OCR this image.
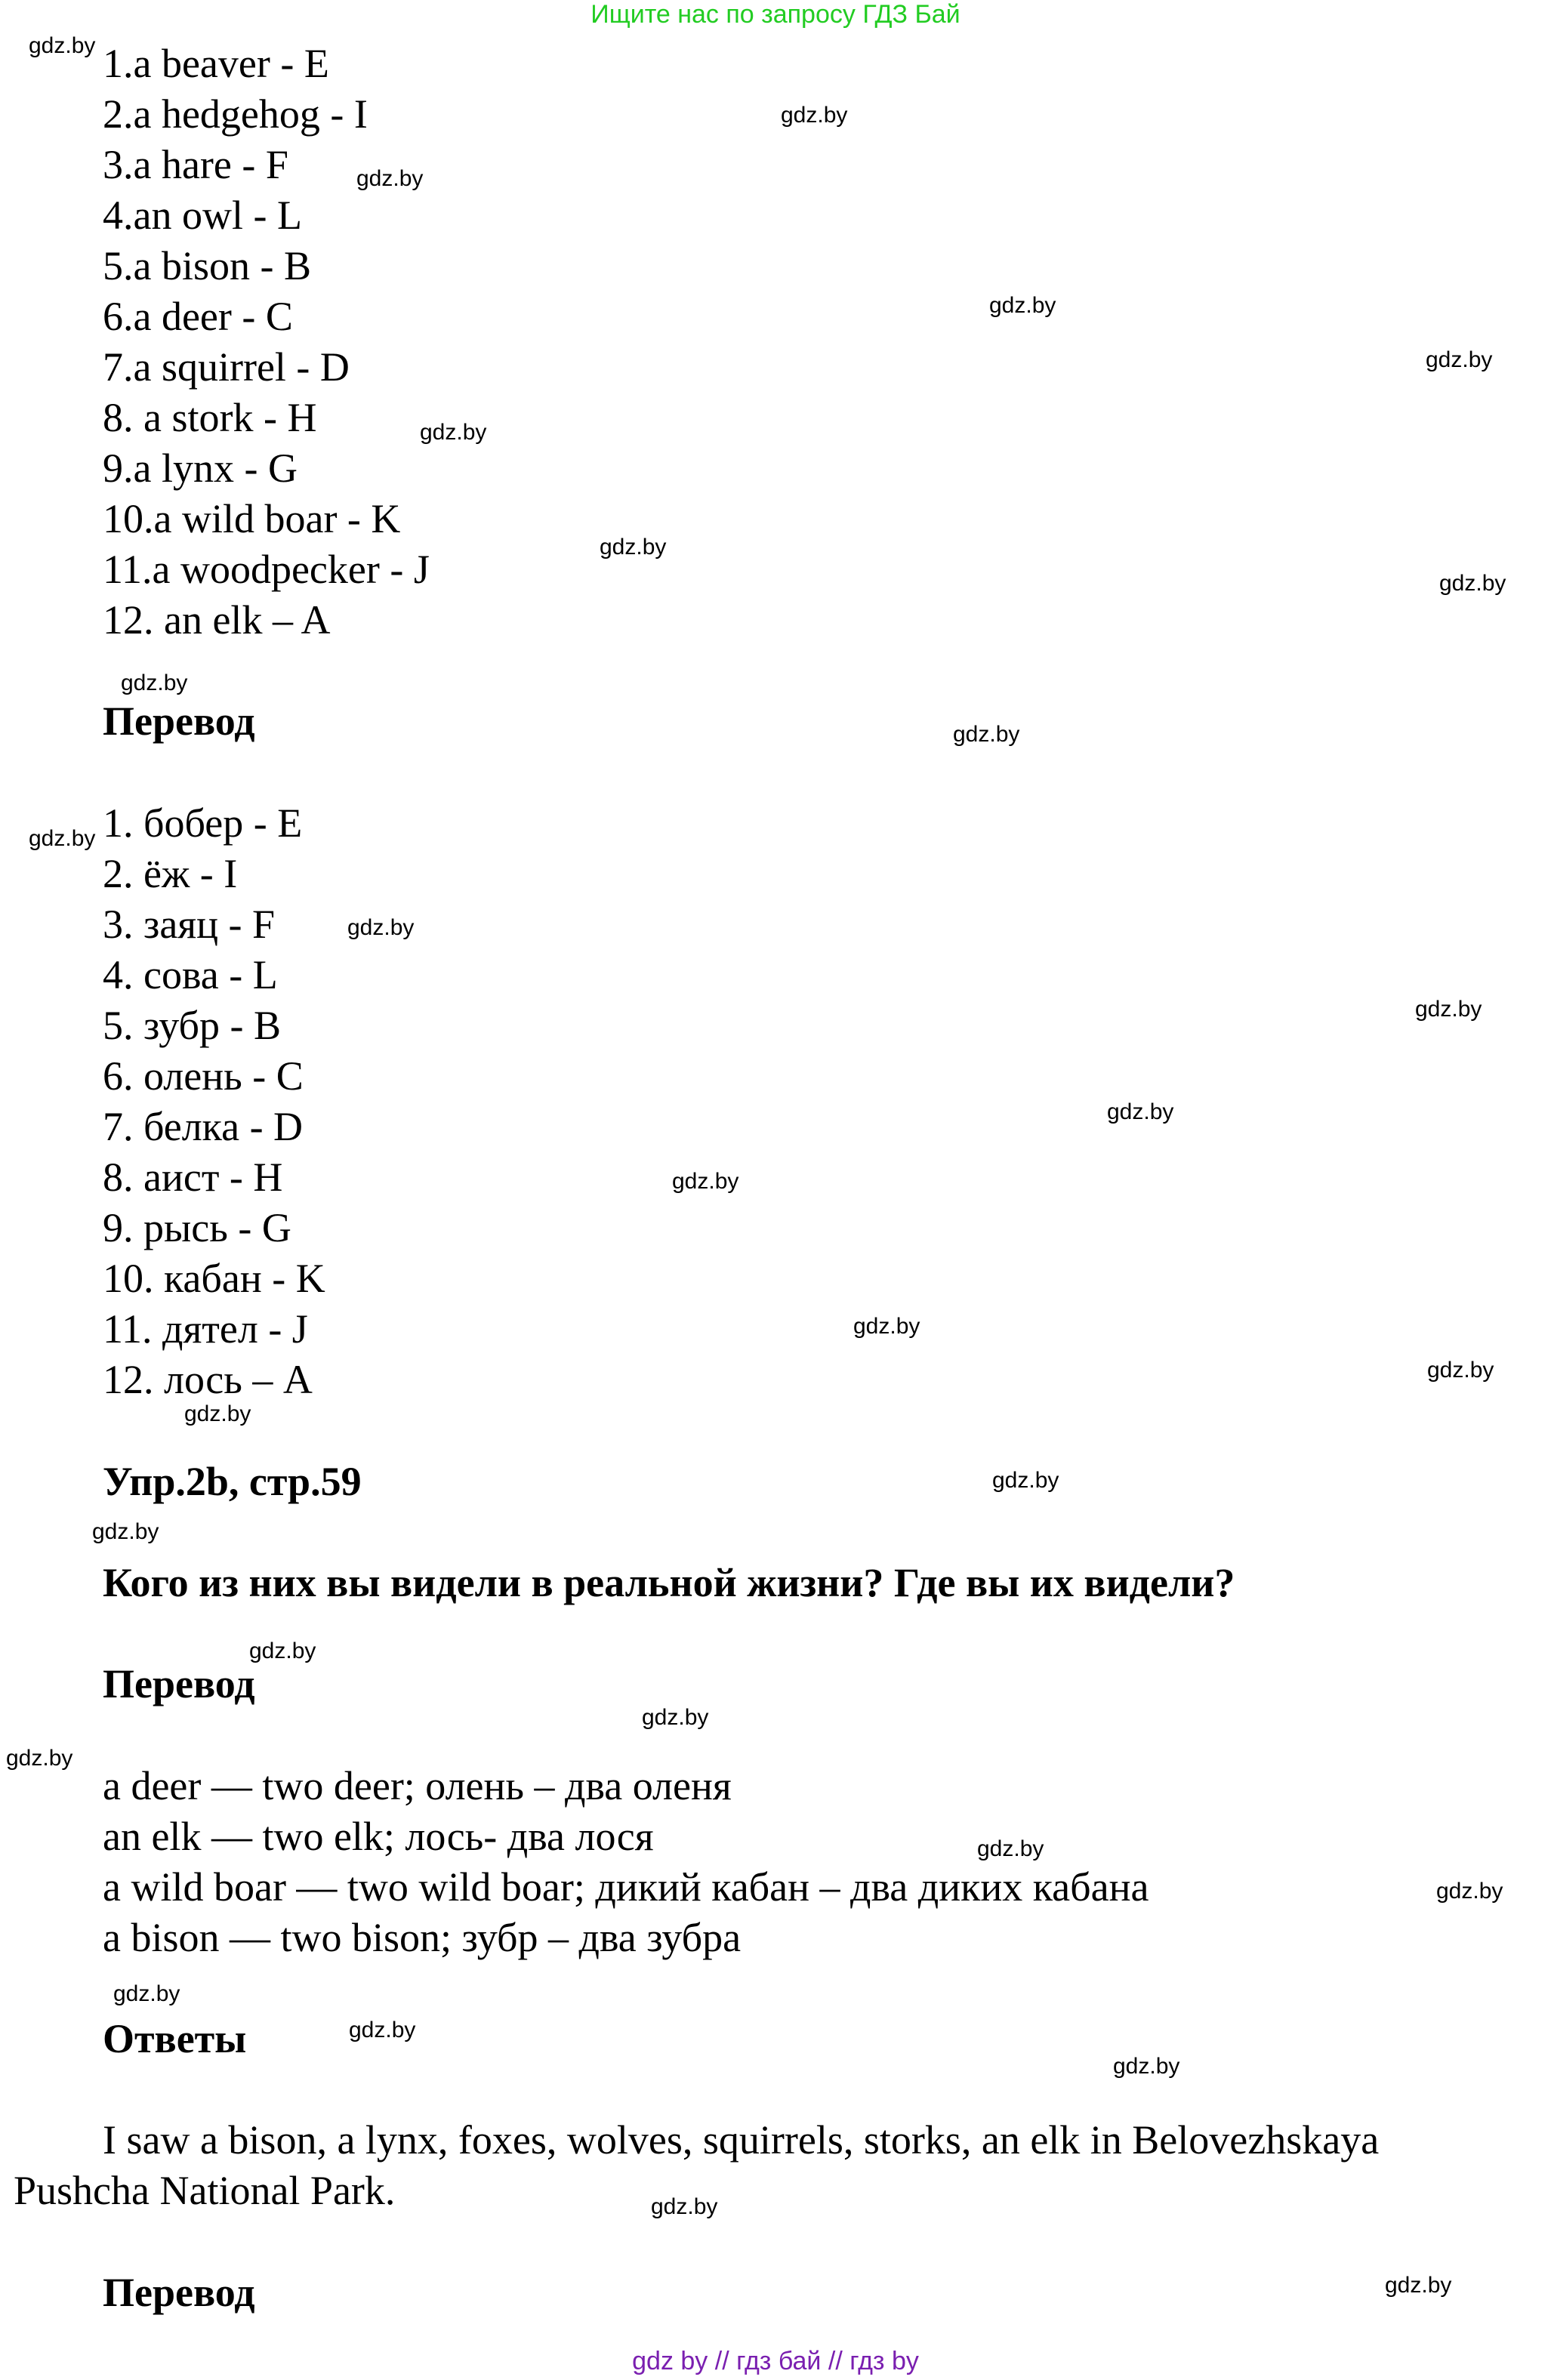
Ищите нас по запросу ГДЗ Бай
1.a beaver - E
2.a hedgehog - I
3.a hare - F
4.an owl - L
5.a bison - B
6.a deer - C
7.a squirrel - D
8. a stork - H
9.a lynx - G
10.a wild boar - K
11.a woodpecker - J
12. an elk – A
Перевод
1. бобер - E
2. ёж - I
3. заяц - F
4. сова - L
5. зубр - B
6. олень - C
7. белка - D
8. аист - H
9. рысь - G
10. кабан - K
11. дятел - J
12. лось – A
Упр.2b, стр.59
Кого из них вы видели в реальной жизни? Где вы их видели?
Перевод
a deer — two deer; олень – два оленя
an elk — two elk; лось- два лося
a wild boar — two wild boar; дикий кабан – два диких кабана
a bison — two bison; зубр – два зубра
Ответы
I saw a bison, a lynx, foxes, wolves, squirrels, storks, an elk in Belovezhskaya
Pushcha National Park.
Перевод
gdz.by
gdz.by
gdz.by
gdz.by
gdz.by
gdz.by
gdz.by
gdz.by
gdz.by
gdz.by
gdz.by
gdz.by
gdz.by
gdz.by
gdz.by
gdz.by
gdz.by
gdz.by
gdz.by
gdz.by
gdz.by
gdz.by
gdz.by
gdz.by
gdz.by
gdz.by
gdz.by
gdz.by
gdz.by
gdz.by
gdz by // гдз бай // гдз by
